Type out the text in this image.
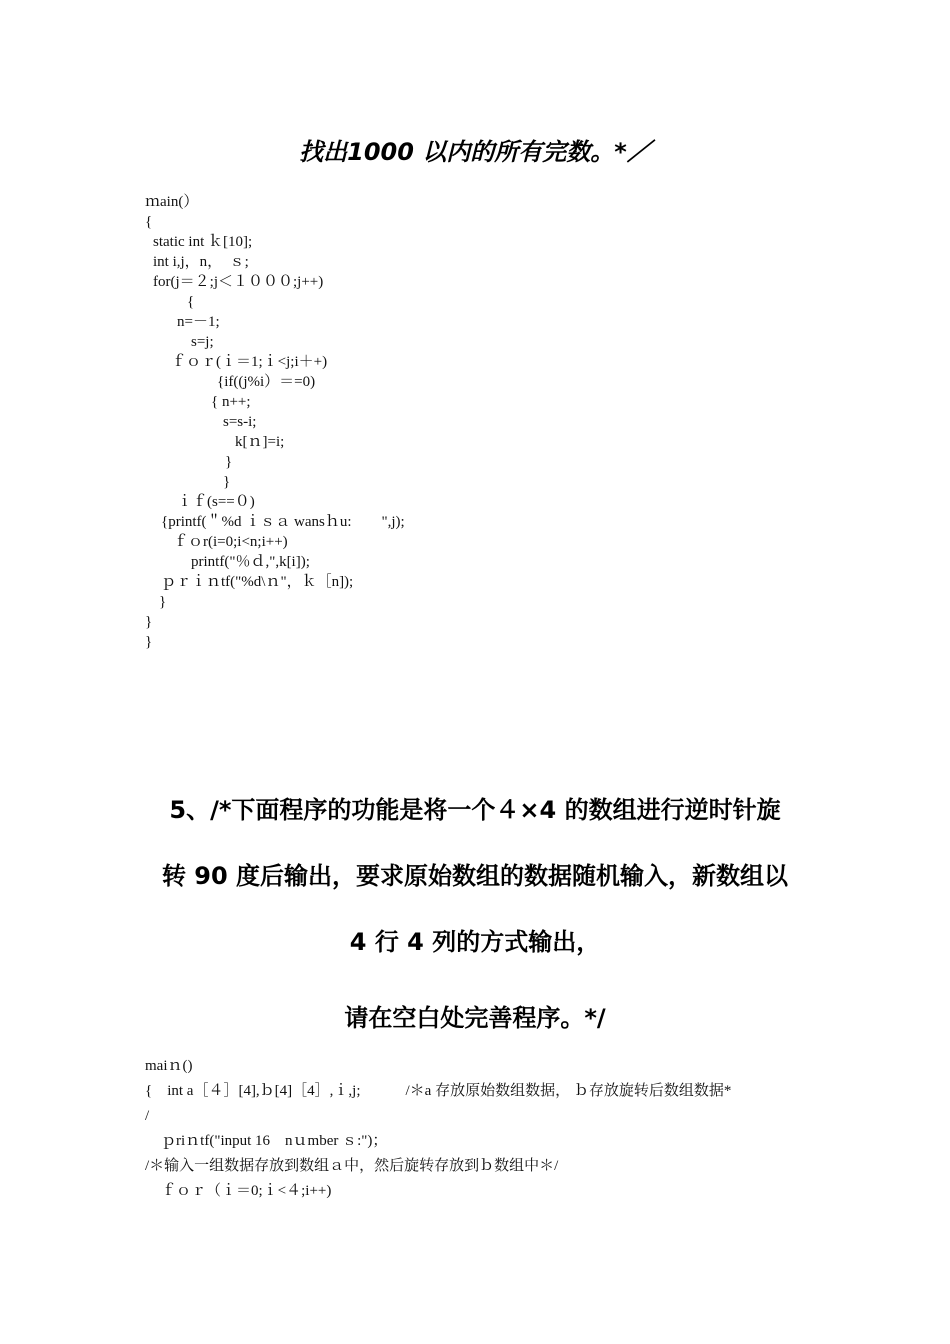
找出1000 以内的所有完数。*／
ｍain(）
{
static int ｋ[10];
int i,j，n，  ｓ;
for(j＝２;j＜１０００;j++)
{
n=－1;
s=j;
ｆｏｒ(ｉ＝1;ｉ<j;i＋+)
{if((j%i）＝=0)
{ n++;
s=s-i;
k[ｎ]=i;
}
}
ｉｆ(s==０)
{printf(＂%d ｉｓａ wansｈu:        ",j);
ｆｏr(i=0;i<n;i++)
printf("％ｄ,",k[i]);
ｐｒｉｎtf("%d\ｎ"，ｋ［n]);
}
}
}
5、/*下面程序的功能是将一个４×4 的数组进行逆时针旋
转 90 度后输出，要求原始数组的数据随机输入，新数组以
4 行 4 列的方式输出，
请在空白处完善程序。*/
maiｎ()
{    int a［４］[4],ｂ[4]［4］,ｉ,j;            /＊a 存放原始数组数据， ｂ存放旋转后数组数据*
/
ｐriｎtf("input 16    nｕmber ｓ:")；
/＊输入一组数据存放到数组ａ中，然后旋转存放到ｂ数组中＊/
ｆｏｒ（ｉ＝0;ｉ<４;i++)
